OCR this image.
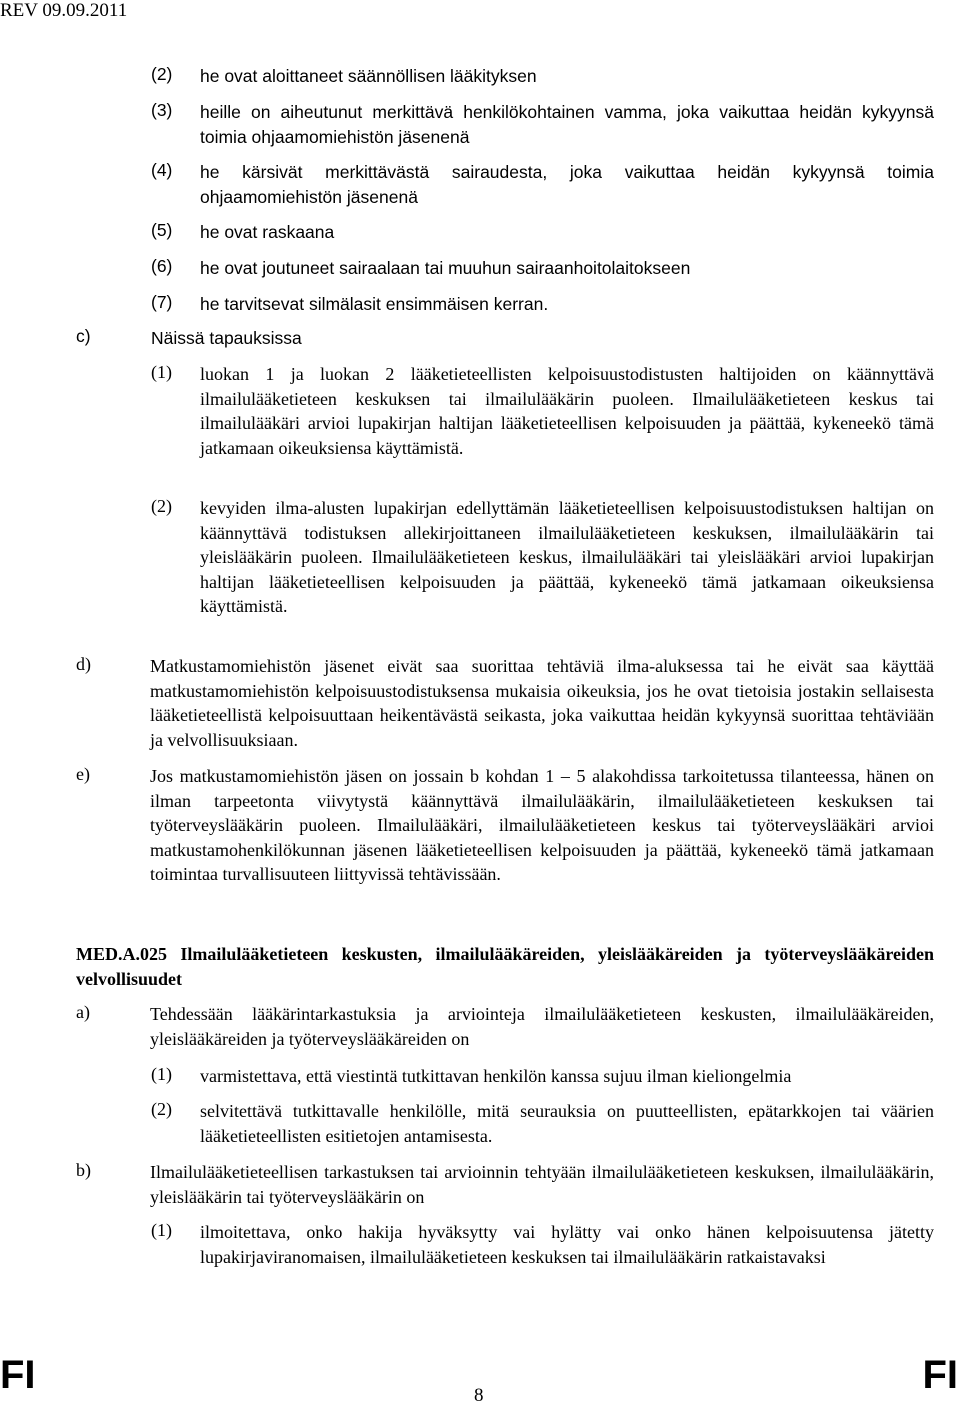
REV 09.09.2011
(2) he ovat aloittaneet säännöllisen lääkityksen
(3) heille on aiheutunut merkittävä henkilökohtainen vamma, joka vaikuttaa heidän kykyynsä toimia ohjaamomiehistön jäsenenä
(4) he kärsivät merkittävästä sairaudesta, joka vaikuttaa heidän kykyynsä toimia ohjaamomiehistön jäsenenä
(5) he ovat raskaana
(6) he ovat joutuneet sairaalaan tai muuhun sairaanhoitolaitokseen
(7) he tarvitsevat silmälasit ensimmäisen kerran.
c)	Näissä tapauksissa
(1) luokan 1 ja luokan 2 lääketieteellisten kelpoisuustodistusten haltijoiden on käännyttävä ilmailulääketieteen keskuksen tai ilmailulääkärin puoleen. Ilmailulääketieteen keskus tai ilmailulääkäri arvioi lupakirjan haltijan lääketieteellisen kelpoisuuden ja päättää, kykeneekö tämä jatkamaan oikeuksiensa käyttämistä.
(2) kevyiden ilma-alusten lupakirjan edellyttämän lääketieteellisen kelpoisuustodistuksen haltijan on käännyttävä todistuksen allekirjoittaneen ilmailulääketieteen keskuksen, ilmailulääkärin tai yleislääkärin puoleen. Ilmailulääketieteen keskus, ilmailulääkäri tai yleislääkäri arvioi lupakirjan haltijan lääketieteellisen kelpoisuuden ja päättää, kykeneekö tämä jatkamaan oikeuksiensa käyttämistä.
d)	Matkustamomiehistön jäsenet eivät saa suorittaa tehtäviä ilma-aluksessa tai he eivät saa käyttää matkustamomiehistön kelpoisuustodistuksensa mukaisia oikeuksia, jos he ovat tietoisia jostakin sellaisesta lääketieteellistä kelpoisuuttaan heikentävästä seikasta, joka vaikuttaa heidän kykyynsä suorittaa tehtäviään ja velvollisuuksiaan.
e)	Jos matkustamomiehistön jäsen on jossain b kohdan 1 – 5 alakohdissa tarkoitetussa tilanteessa, hänen on ilman tarpeetonta viivytystä käännyttävä ilmailulääkärin, ilmailulääketieteen keskuksen tai työterveyslääkärin puoleen. Ilmailulääkäri, ilmailulääketieteen keskus tai työterveyslääkäri arvioi matkustamohenkilökunnan jäsenen lääketieteellisen kelpoisuuden ja päättää, kykeneekö tämä jatkamaan toimintaa turvallisuuteen liittyvissä tehtävissään.
MED.A.025 Ilmailulääketieteen keskusten, ilmailulääkäreiden, yleislääkäreiden ja työterveyslääkäreiden velvollisuudet
a)	Tehdessään lääkärintarkastuksia ja arviointeja ilmailulääketieteen keskusten, ilmailulääkäreiden, yleislääkäreiden ja työterveyslääkäreiden on
(1) varmistettava, että viestintä tutkittavan henkilön kanssa sujuu ilman kieliongelmia
(2) selvitettävä tutkittavalle henkilölle, mitä seurauksia on puutteellisten, epätarkkojen tai väärien lääketieteellisten esitietojen antamisesta.
b)	Ilmailulääketieteellisen tarkastuksen tai arvioinnin tehtyään ilmailulääketieteen keskuksen, ilmailulääkärin, yleislääkärin tai työterveyslääkärin on
(1) ilmoitettava, onko hakija hyväksytty vai hylätty vai onko hänen kelpoisuutensa jätetty lupakirjaviranomaisen, ilmailulääketieteen keskuksen tai ilmailulääkärin ratkaistavaksi
FI	8	FI
